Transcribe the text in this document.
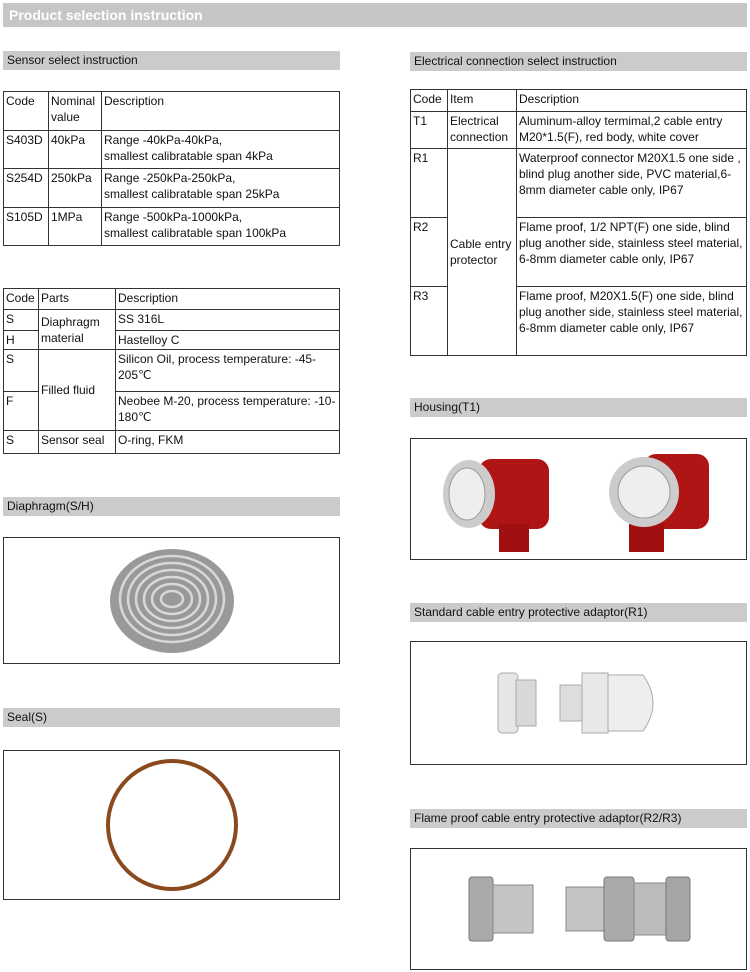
Product selection instruction
Sensor select instruction
Code	Nominal value	Description
S403D	40kPa	Range -40kPa-40kPa,
smallest calibratable span 4kPa

S254D	250kPa	Range -250kPa-250kPa,
smallest calibratable span 25kPa

S105D	1MPa	Range -500kPa-1000kPa,
smallest calibratable span 100kPa
Code	Parts	Description
S	Diaphragm material	SS 316L
H		Hastelloy C
S	Filled fluid	Silicon Oil, process temperature: -45-205℃
F		Neobee M-20, process temperature: -10-180℃
S	Sensor seal	O-ring, FKM
Diaphragm(S/H)
Seal(S)
Electrical connection select instruction
Code	Item	Description
T1	Electrical connection	Aluminum-alloy termimal,2 cable entry M20*1.5(F), red body, white cover
R1	Cable entry protector	Waterproof connector M20X1.5 one side , blind plug another side, PVC material,6-8mm diameter cable only, IP67
R2		Flame proof, 1/2 NPT(F) one side, blind plug another side, stainless steel material, 6-8mm diameter cable only, IP67
R3		Flame proof, M20X1.5(F) one side, blind plug another side, stainless steel material, 6-8mm diameter cable only, IP67
Housing(T1)
Standard cable entry protective adaptor(R1)
Flame proof cable entry protective adaptor(R2/R3)
